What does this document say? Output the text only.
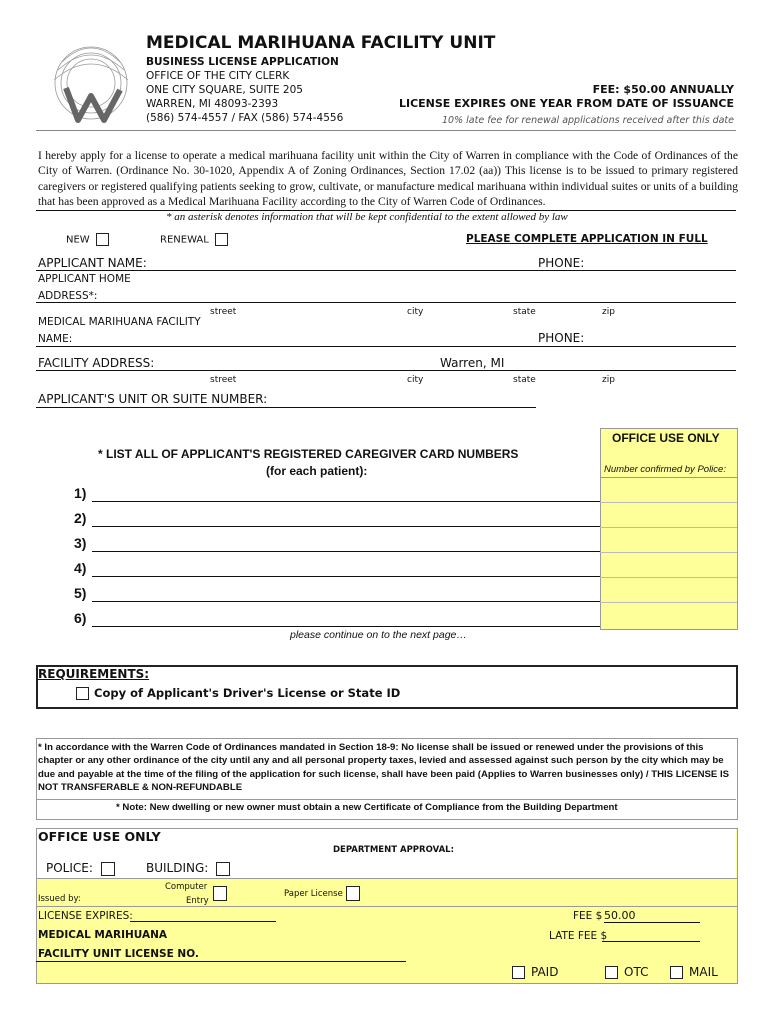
MEDICAL MARIHUANA FACILITY UNIT
BUSINESS LICENSE APPLICATION
OFFICE OF THE CITY CLERK
ONE CITY SQUARE, SUITE 205
WARREN, MI 48093-2393
(586) 574-4557 / FAX (586) 574-4556
FEE: $50.00 ANNUALLY
LICENSE EXPIRES ONE YEAR FROM DATE OF ISSUANCE
10% late fee for renewal applications received after this date
I hereby apply for a license to operate a medical marihuana facility unit within the City of Warren in compliance with the Code of Ordinances of the City of Warren. (Ordinance No. 30-1020, Appendix A of Zoning Ordinances, Section 17.02 (aa)) This license is to be issued to primary registered caregivers or registered qualifying patients seeking to grow, cultivate, or manufacture medical marihuana within individual suites or units of a building that has been approved as a Medical Marihuana Facility according to the City of Warren Code of Ordinances.
* an asterisk denotes information that will be kept confidential to the extent allowed by law
NEW	RENEWAL	PLEASE COMPLETE APPLICATION IN FULL
APPLICANT NAME:	PHONE:
APPLICANT HOME
ADDRESS*:
street	city	state	zip
MEDICAL MARIHUANA FACILITY
NAME:	PHONE:
FACILITY ADDRESS:	Warren, MI
street	city	state	zip
APPLICANT'S UNIT OR SUITE NUMBER:
* LIST ALL OF APPLICANT'S REGISTERED CAREGIVER CARD NUMBERS
(for each patient):
OFFICE USE ONLY
Number confirmed by Police:
1)
2)
3)
4)
5)
6)
please continue on to the next page…
REQUIREMENTS:
Copy of Applicant's Driver's License or State ID
* In accordance with the Warren Code of Ordinances mandated in Section 18-9: No license shall be issued or renewed under the provisions of this chapter or any other ordinance of the city until any and all personal property taxes, levied and assessed against such person by the city which may be due and payable at the time of the filing of the application for such license, shall have been paid (Applies to Warren businesses only) / THIS LICENSE IS NOT TRANSFERABLE & NON-REFUNDABLE
* Note: New dwelling or new owner must obtain a new Certificate of Compliance from the Building Department
OFFICE USE ONLY
DEPARTMENT APPROVAL:
POLICE:	BUILDING:
Issued by:
Computer
Entry
Paper License
LICENSE EXPIRES:	FEE $ 50.00
LATE FEE $
MEDICAL MARIHUANA
FACILITY UNIT LICENSE NO.
PAID	OTC	MAIL
